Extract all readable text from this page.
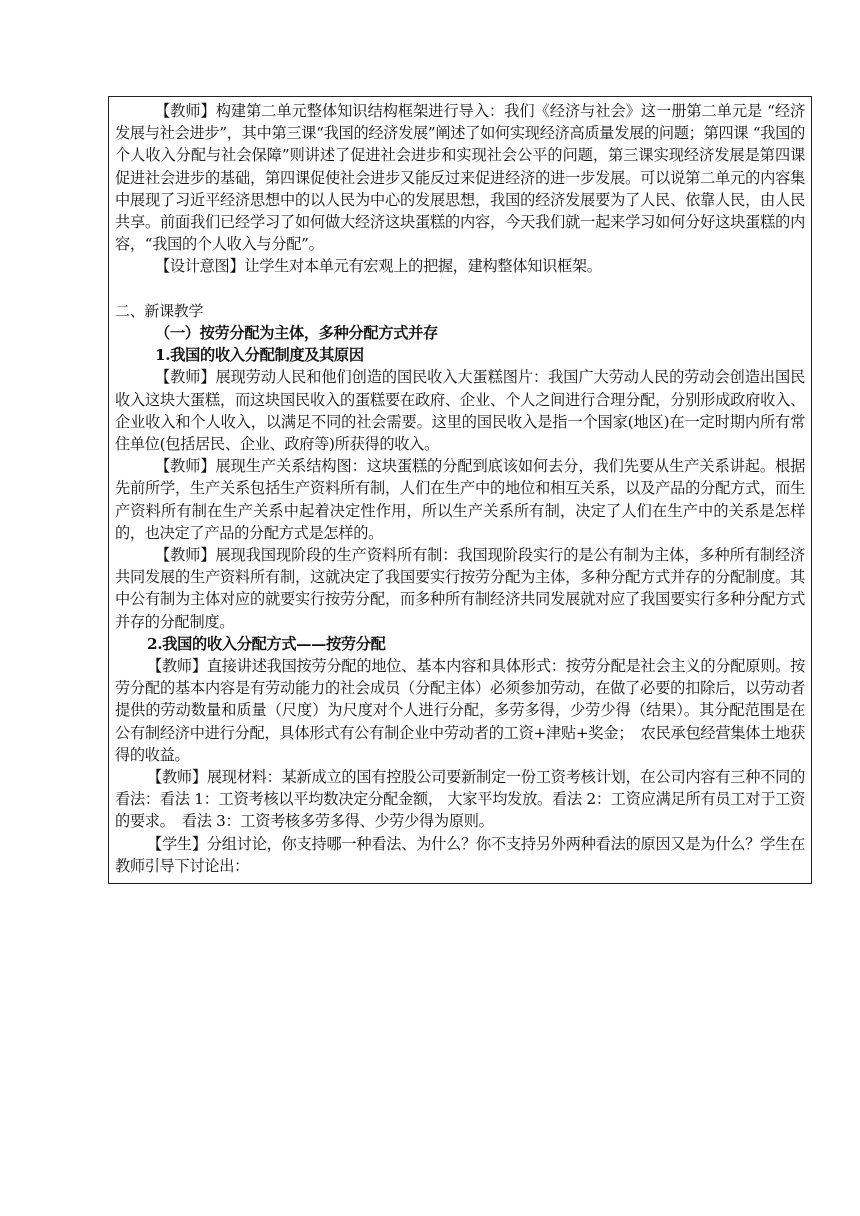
【教师】构建第二单元整体知识结构框架进行导入：我们《经济与社会》这一册第二单元是 “经济发展与社会进步”，其中第三课“我国的经济发展”阐述了如何实现经济高质量发展的问题；第四课 “我国的个人收入分配与社会保障”则讲述了促进社会进步和实现社会公平的问题，第三课实现经济发展是第四课促进社会进步的基础，第四课促使社会进步又能反过来促进经济的进一步发展。可以说第二单元的内容集中展现了习近平经济思想中的以人民为中心的发展思想，我国的经济发展要为了人民、依靠人民，由人民共享。前面我们已经学习了如何做大经济这块蛋糕的内容，今天我们就一起来学习如何分好这块蛋糕的内容，“我国的个人收入与分配”。

【设计意图】让学生对本单元有宏观上的把握，建构整体知识框架。

二、新课教学

（一）按劳分配为主体，多种分配方式并存

1.我国的收入分配制度及其原因

【教师】展现劳动人民和他们创造的国民收入大蛋糕图片：我国广大劳动人民的劳动会创造出国民收入这块大蛋糕，而这块国民收入的蛋糕要在政府、企业、个人之间进行合理分配，分别形成政府收入、企业收入和个人收入，以满足不同的社会需要。这里的国民收入是指一个国家(地区)在一定时期内所有常住单位(包括居民、企业、政府等)所获得的收入。

【教师】展现生产关系结构图：这块蛋糕的分配到底该如何去分，我们先要从生产关系讲起。根据先前所学，生产关系包括生产资料所有制，人们在生产中的地位和相互关系，以及产品的分配方式，而生产资料所有制在生产关系中起着决定性作用，所以生产关系所有制，决定了人们在生产中的关系是怎样的，也决定了产品的分配方式是怎样的。

【教师】展现我国现阶段的生产资料所有制：我国现阶段实行的是公有制为主体，多种所有制经济共同发展的生产资料所有制，这就决定了我国要实行按劳分配为主体，多种分配方式并存的分配制度。其中公有制为主体对应的就要实行按劳分配，而多种所有制经济共同发展就对应了我国要实行多种分配方式并存的分配制度。

2.我国的收入分配方式——按劳分配

【教师】直接讲述我国按劳分配的地位、基本内容和具体形式：按劳分配是社会主义的分配原则。按劳分配的基本内容是有劳动能力的社会成员（分配主体）必须参加劳动，在做了必要的扣除后，以劳动者提供的劳动数量和质量（尺度）为尺度对个人进行分配，多劳多得，少劳少得（结果）。其分配范围是在公有制经济中进行分配，具体形式有公有制企业中劳动者的工资+津贴+奖金；　农民承包经营集体土地获得的收益。

【教师】展现材料：某新成立的国有控股公司要新制定一份工资考核计划，在公司内容有三种不同的看法：看法 1：工资考核以平均数决定分配金额， 大家平均发放。看法 2：工资应满足所有员工对于工资的要求。　看法 3：工资考核多劳多得、少劳少得为原则。

【学生】分组讨论，你支持哪一种看法、为什么？你不支持另外两种看法的原因又是为什么？学生在教师引导下讨论出：
